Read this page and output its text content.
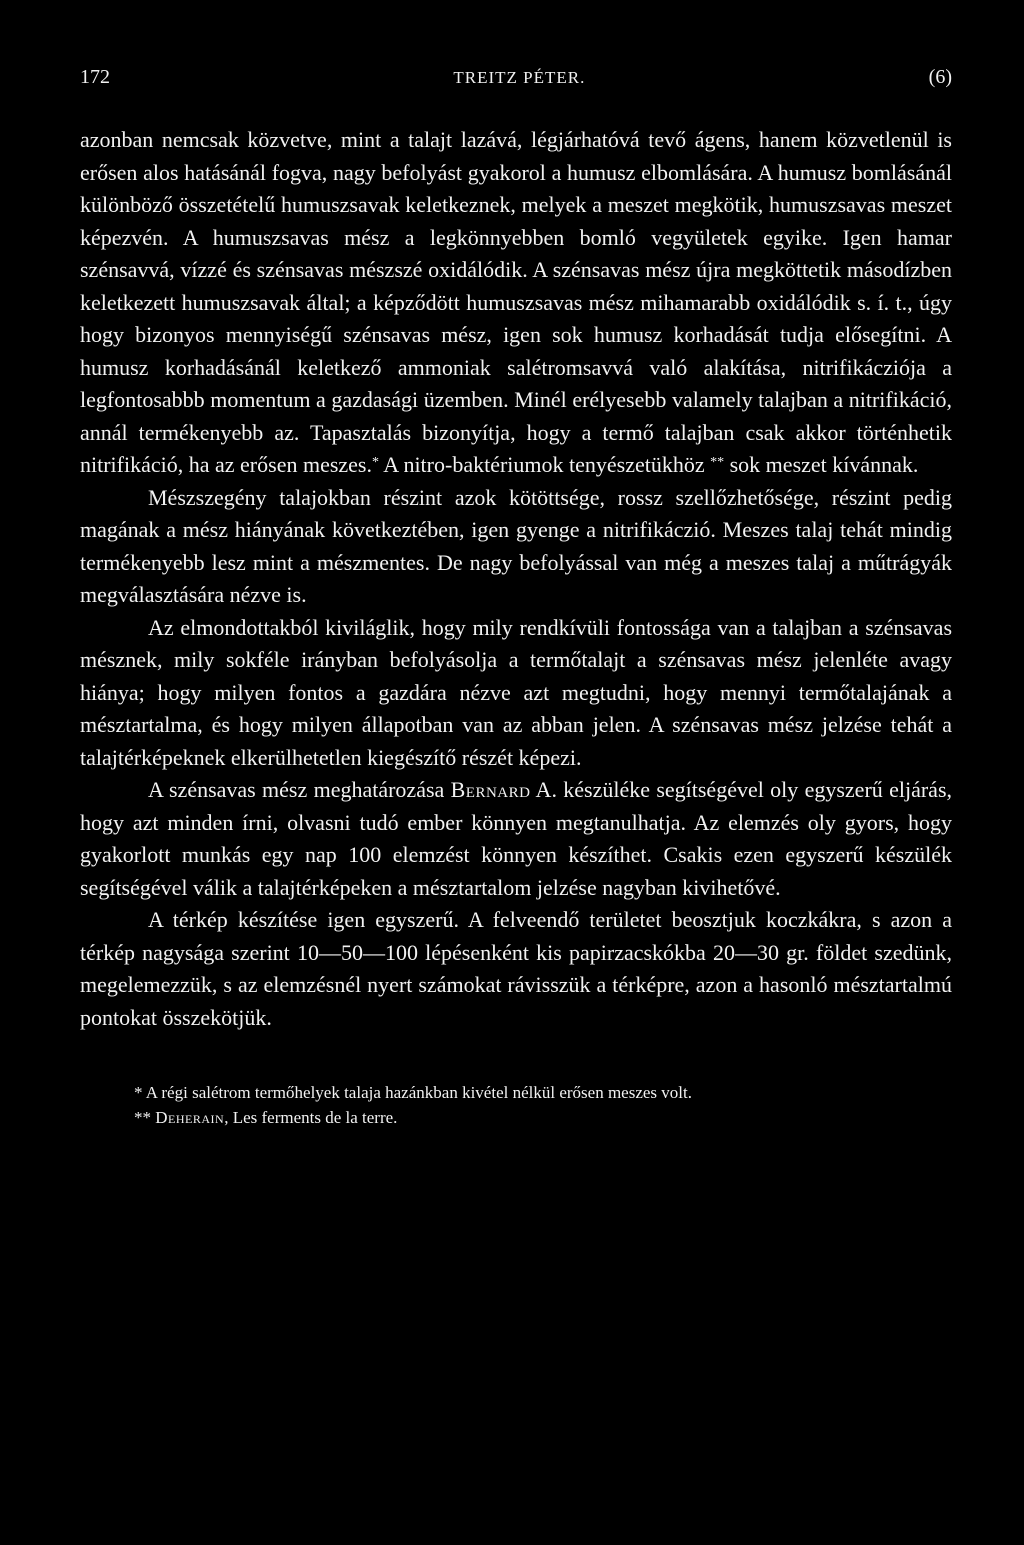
172	TREITZ PÉTER.	(6)

azonban nemcsak közvetve, mint a talajt lazává, légjárhatóvá tevő ágens, hanem közvetlenül is erősen alos hatásánál fogva, nagy befolyást gyakorol a humusz elbomlására. A humusz bomlásánál különböző összetételű humuszsavak keletkeznek, melyek a meszet megkötik, humuszsavas meszet képezvén. A humuszsavas mész a legkönnyebben bomló vegyületek egyike. Igen hamar szénsavvá, vízzé és szénsavas mészszé oxidálódik. A szénsavas mész újra megköttetik másodízben keletkezett humuszsavak által; a képződött humuszsavas mész mihamarabb oxidálódik s. í. t., úgy hogy bizonyos mennyiségű szénsavas mész, igen sok humusz korhadását tudja elősegítni. A humusz korhadásánál keletkező ammoniak salétromsavvá való alakítása, nitrifikácziója a legfontosabbb momentum a gazdasági üzemben. Minél erélyesebb valamely talajban a nitrifikáció, annál termékenyebb az. Tapasztalás bizonyítja, hogy a termő talajban csak akkor történhetik nitrifikáció, ha az erősen meszes.* A nitro-baktériumok tenyészetükhöz ** sok meszet kívánnak.

Mészszegény talajokban részint azok kötöttsége, rossz szellőzhetősége, részint pedig magának a mész hiányának következtében, igen gyenge a nitrifikáczió. Meszes talaj tehát mindig termékenyebb lesz mint a mészmentes. De nagy befolyással van még a meszes talaj a műtrágyák megválasztására nézve is.

Az elmondottakból kiviláglik, hogy mily rendkívüli fontossága van a talajban a szénsavas mésznek, mily sokféle irányban befolyásolja a termőtalajt a szénsavas mész jelenléte avagy hiánya; hogy milyen fontos a gazdára nézve azt megtudni, hogy mennyi termőtalajának a mésztartalma, és hogy milyen állapotban van az abban jelen. A szénsavas mész jelzése tehát a talajtérképeknek elkerülhetetlen kiegészítő részét képezi.

A szénsavas mész meghatározása Bernard A. készüléke segítségével oly egyszerű eljárás, hogy azt minden írni, olvasni tudó ember könnyen megtanulhatja. Az elemzés oly gyors, hogy gyakorlott munkás egy nap 100 elemzést könnyen készíthet. Csakis ezen egyszerű készülék segítségével válik a talajtérképeken a mésztartalom jelzése nagyban kivihetővé.

A térkép készítése igen egyszerű. A felveendő területet beosztjuk koczkákra, s azon a térkép nagysága szerint 10—50—100 lépésenként kis papirzacskókba 20—30 gr. földet szedünk, megelemezzük, s az elemzésnél nyert számokat rávisszük a térképre, azon a hasonló mésztartalmú pontokat összekötjük.

* A régi salétrom termőhelyek talaja hazánkban kivétel nélkül erősen meszes volt.

** Deherain, Les ferments de la terre.
